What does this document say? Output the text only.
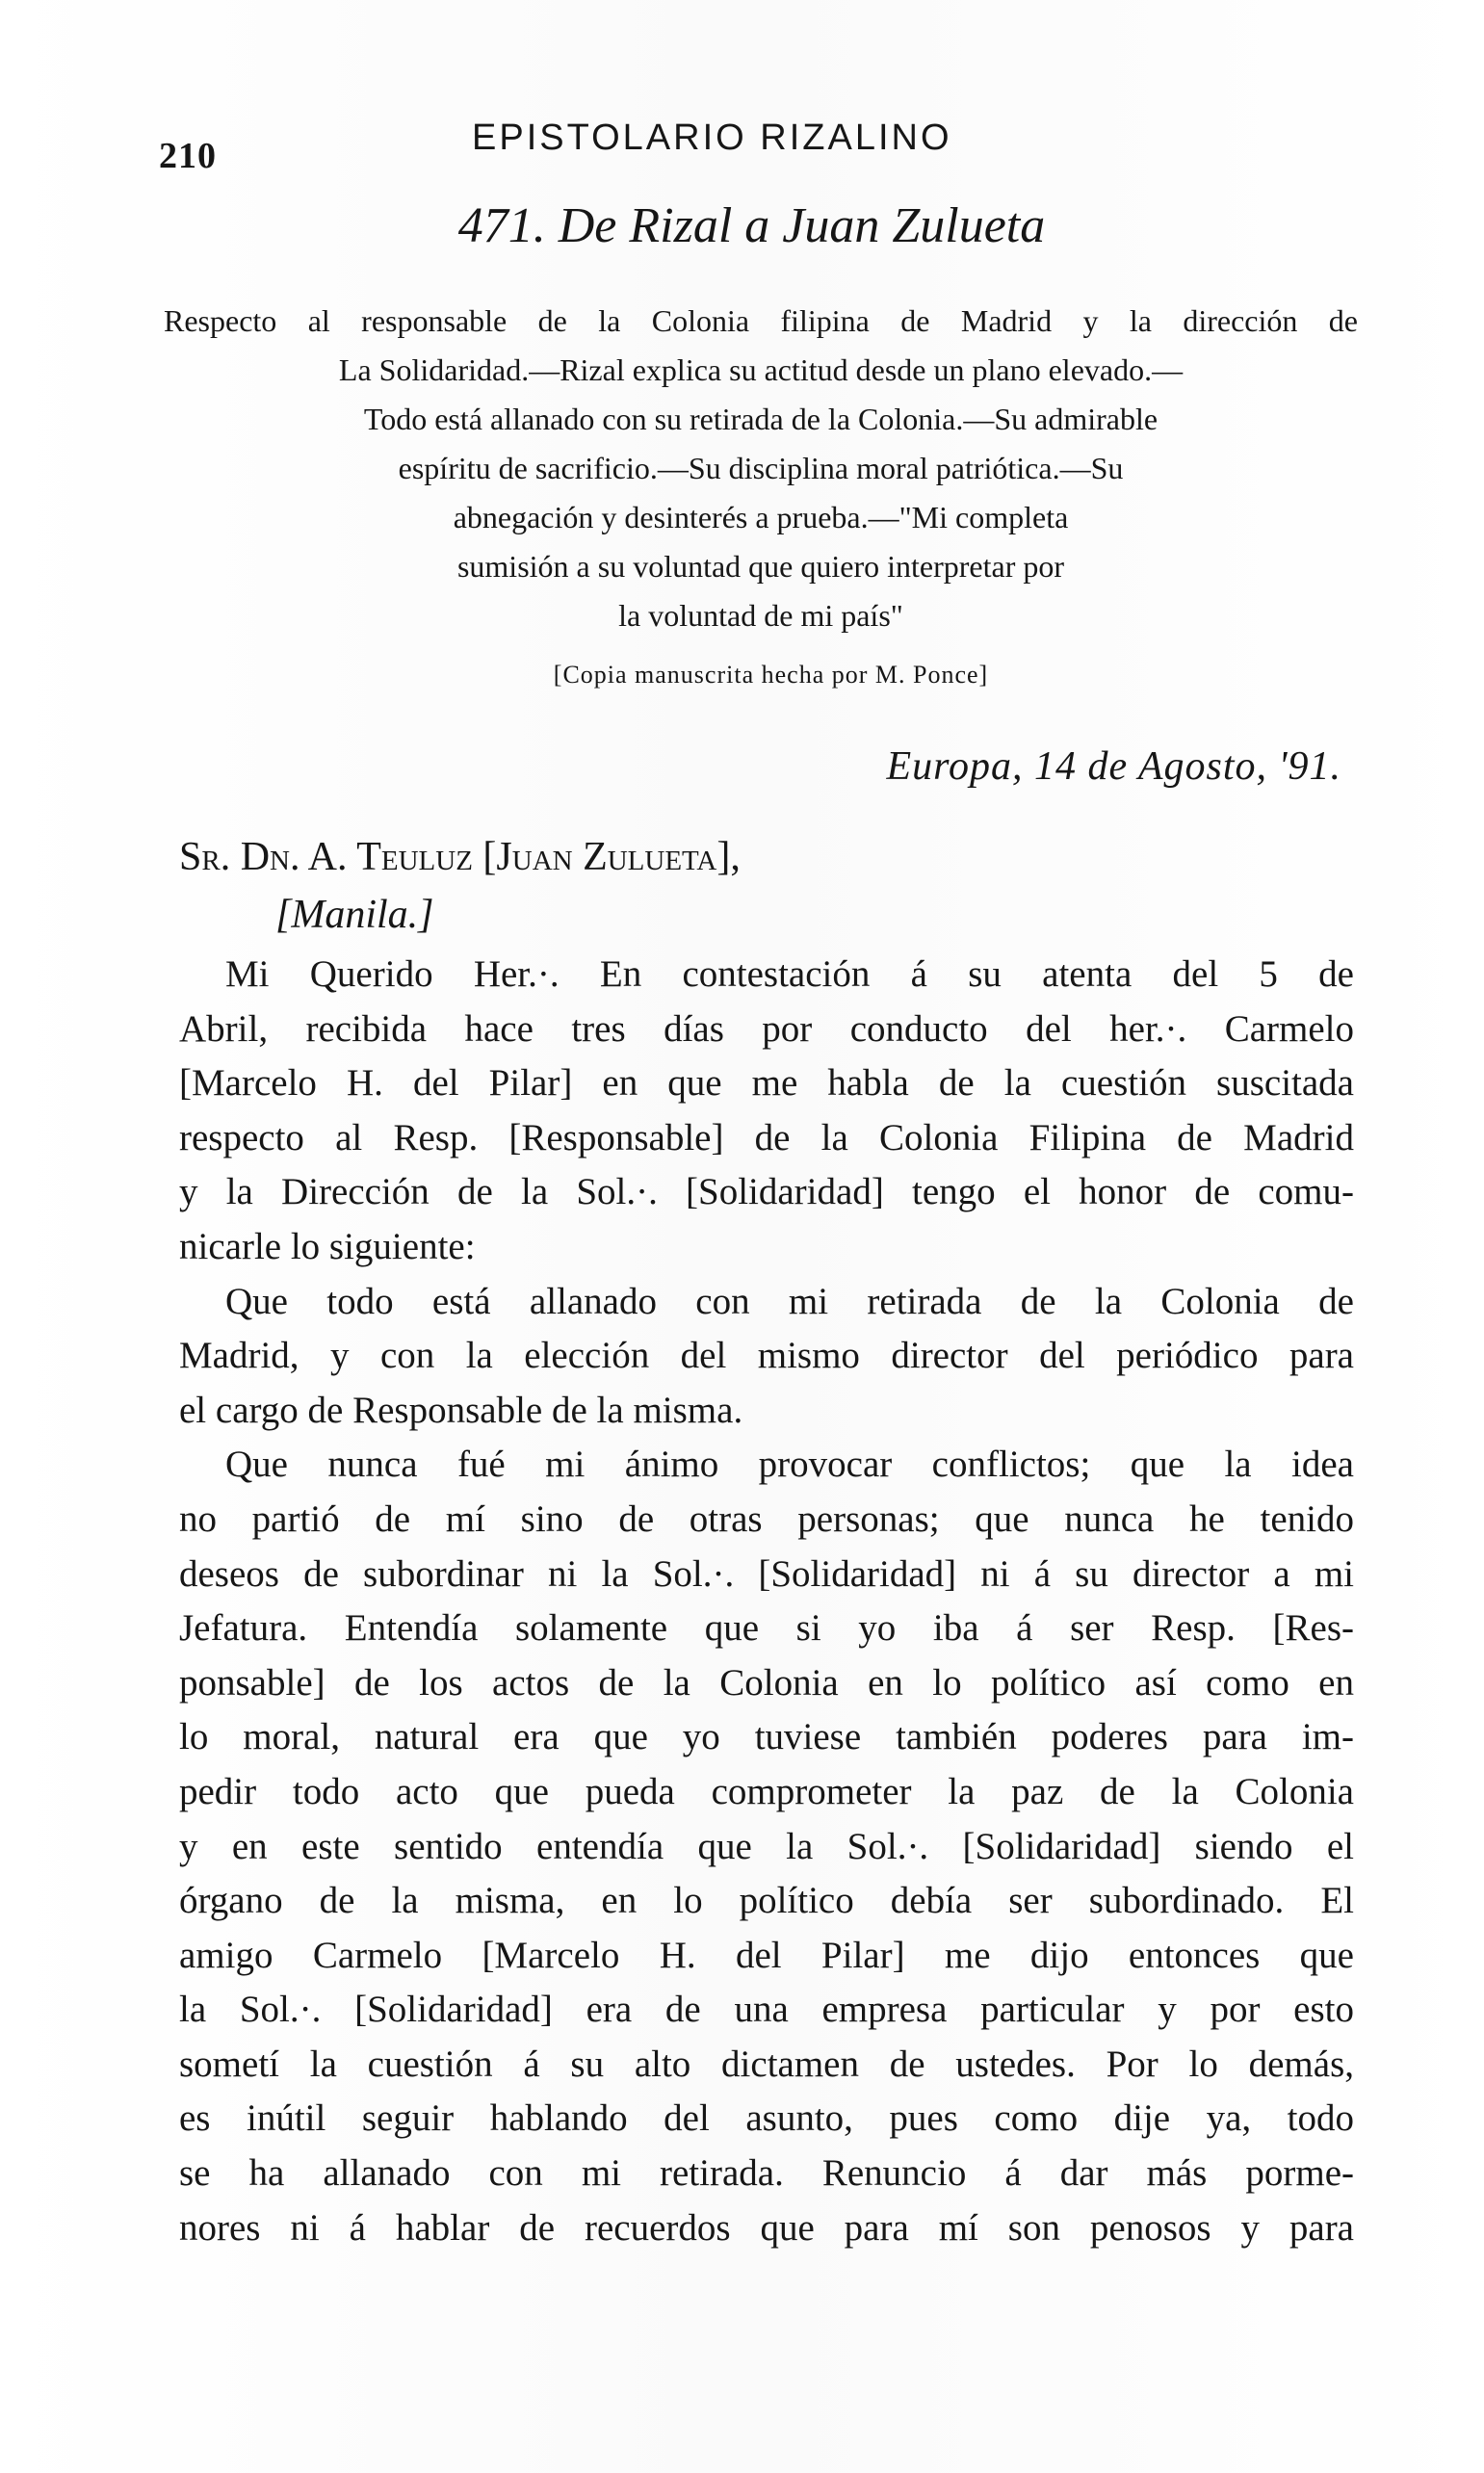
210	EPISTOLARIO RIZALINO
471. De Rizal a Juan Zulueta
Respecto al responsable de la Colonia filipina de Madrid y la dirección de
La Solidaridad.—Rizal explica su actitud desde un plano elevado.—
Todo está allanado con su retirada de la Colonia.—Su admirable
espíritu de sacrificio.—Su disciplina moral patriótica.—Su
abnegación y desinterés a prueba.—"Mi completa
sumisión a su voluntad que quiero interpretar por
la voluntad de mi país"
[Copia manuscrita hecha por M. Ponce]
Europa, 14 de Agosto, '91.
Sr. Dn. A. Teuluz [Juan Zulueta],
[Manila.]
Mi Querido Her.·. En contestación á su atenta del 5 de
Abril, recibida hace tres días por conducto del her.·. Carmelo
[Marcelo H. del Pilar] en que me habla de la cuestión suscitada
respecto al Resp. [Responsable] de la Colonia Filipina de Madrid
y la Dirección de la Sol.·. [Solidaridad] tengo el honor de comu-
nicarle lo siguiente:
Que todo está allanado con mi retirada de la Colonia de
Madrid, y con la elección del mismo director del periódico para
el cargo de Responsable de la misma.
Que nunca fué mi ánimo provocar conflictos; que la idea
no partió de mí sino de otras personas; que nunca he tenido
deseos de subordinar ni la Sol.·. [Solidaridad] ni á su director a mi
Jefatura. Entendía solamente que si yo iba á ser Resp. [Res-
ponsable] de los actos de la Colonia en lo político así como en
lo moral, natural era que yo tuviese también poderes para im-
pedir todo acto que pueda comprometer la paz de la Colonia
y en este sentido entendía que la Sol.·. [Solidaridad] siendo el
órgano de la misma, en lo político debía ser subordinado. El
amigo Carmelo [Marcelo H. del Pilar] me dijo entonces que
la Sol.·. [Solidaridad] era de una empresa particular y por esto
sometí la cuestión á su alto dictamen de ustedes. Por lo demás,
es inútil seguir hablando del asunto, pues como dije ya, todo
se ha allanado con mi retirada. Renuncio á dar más porme-
nores ni á hablar de recuerdos que para mí son penosos y para
